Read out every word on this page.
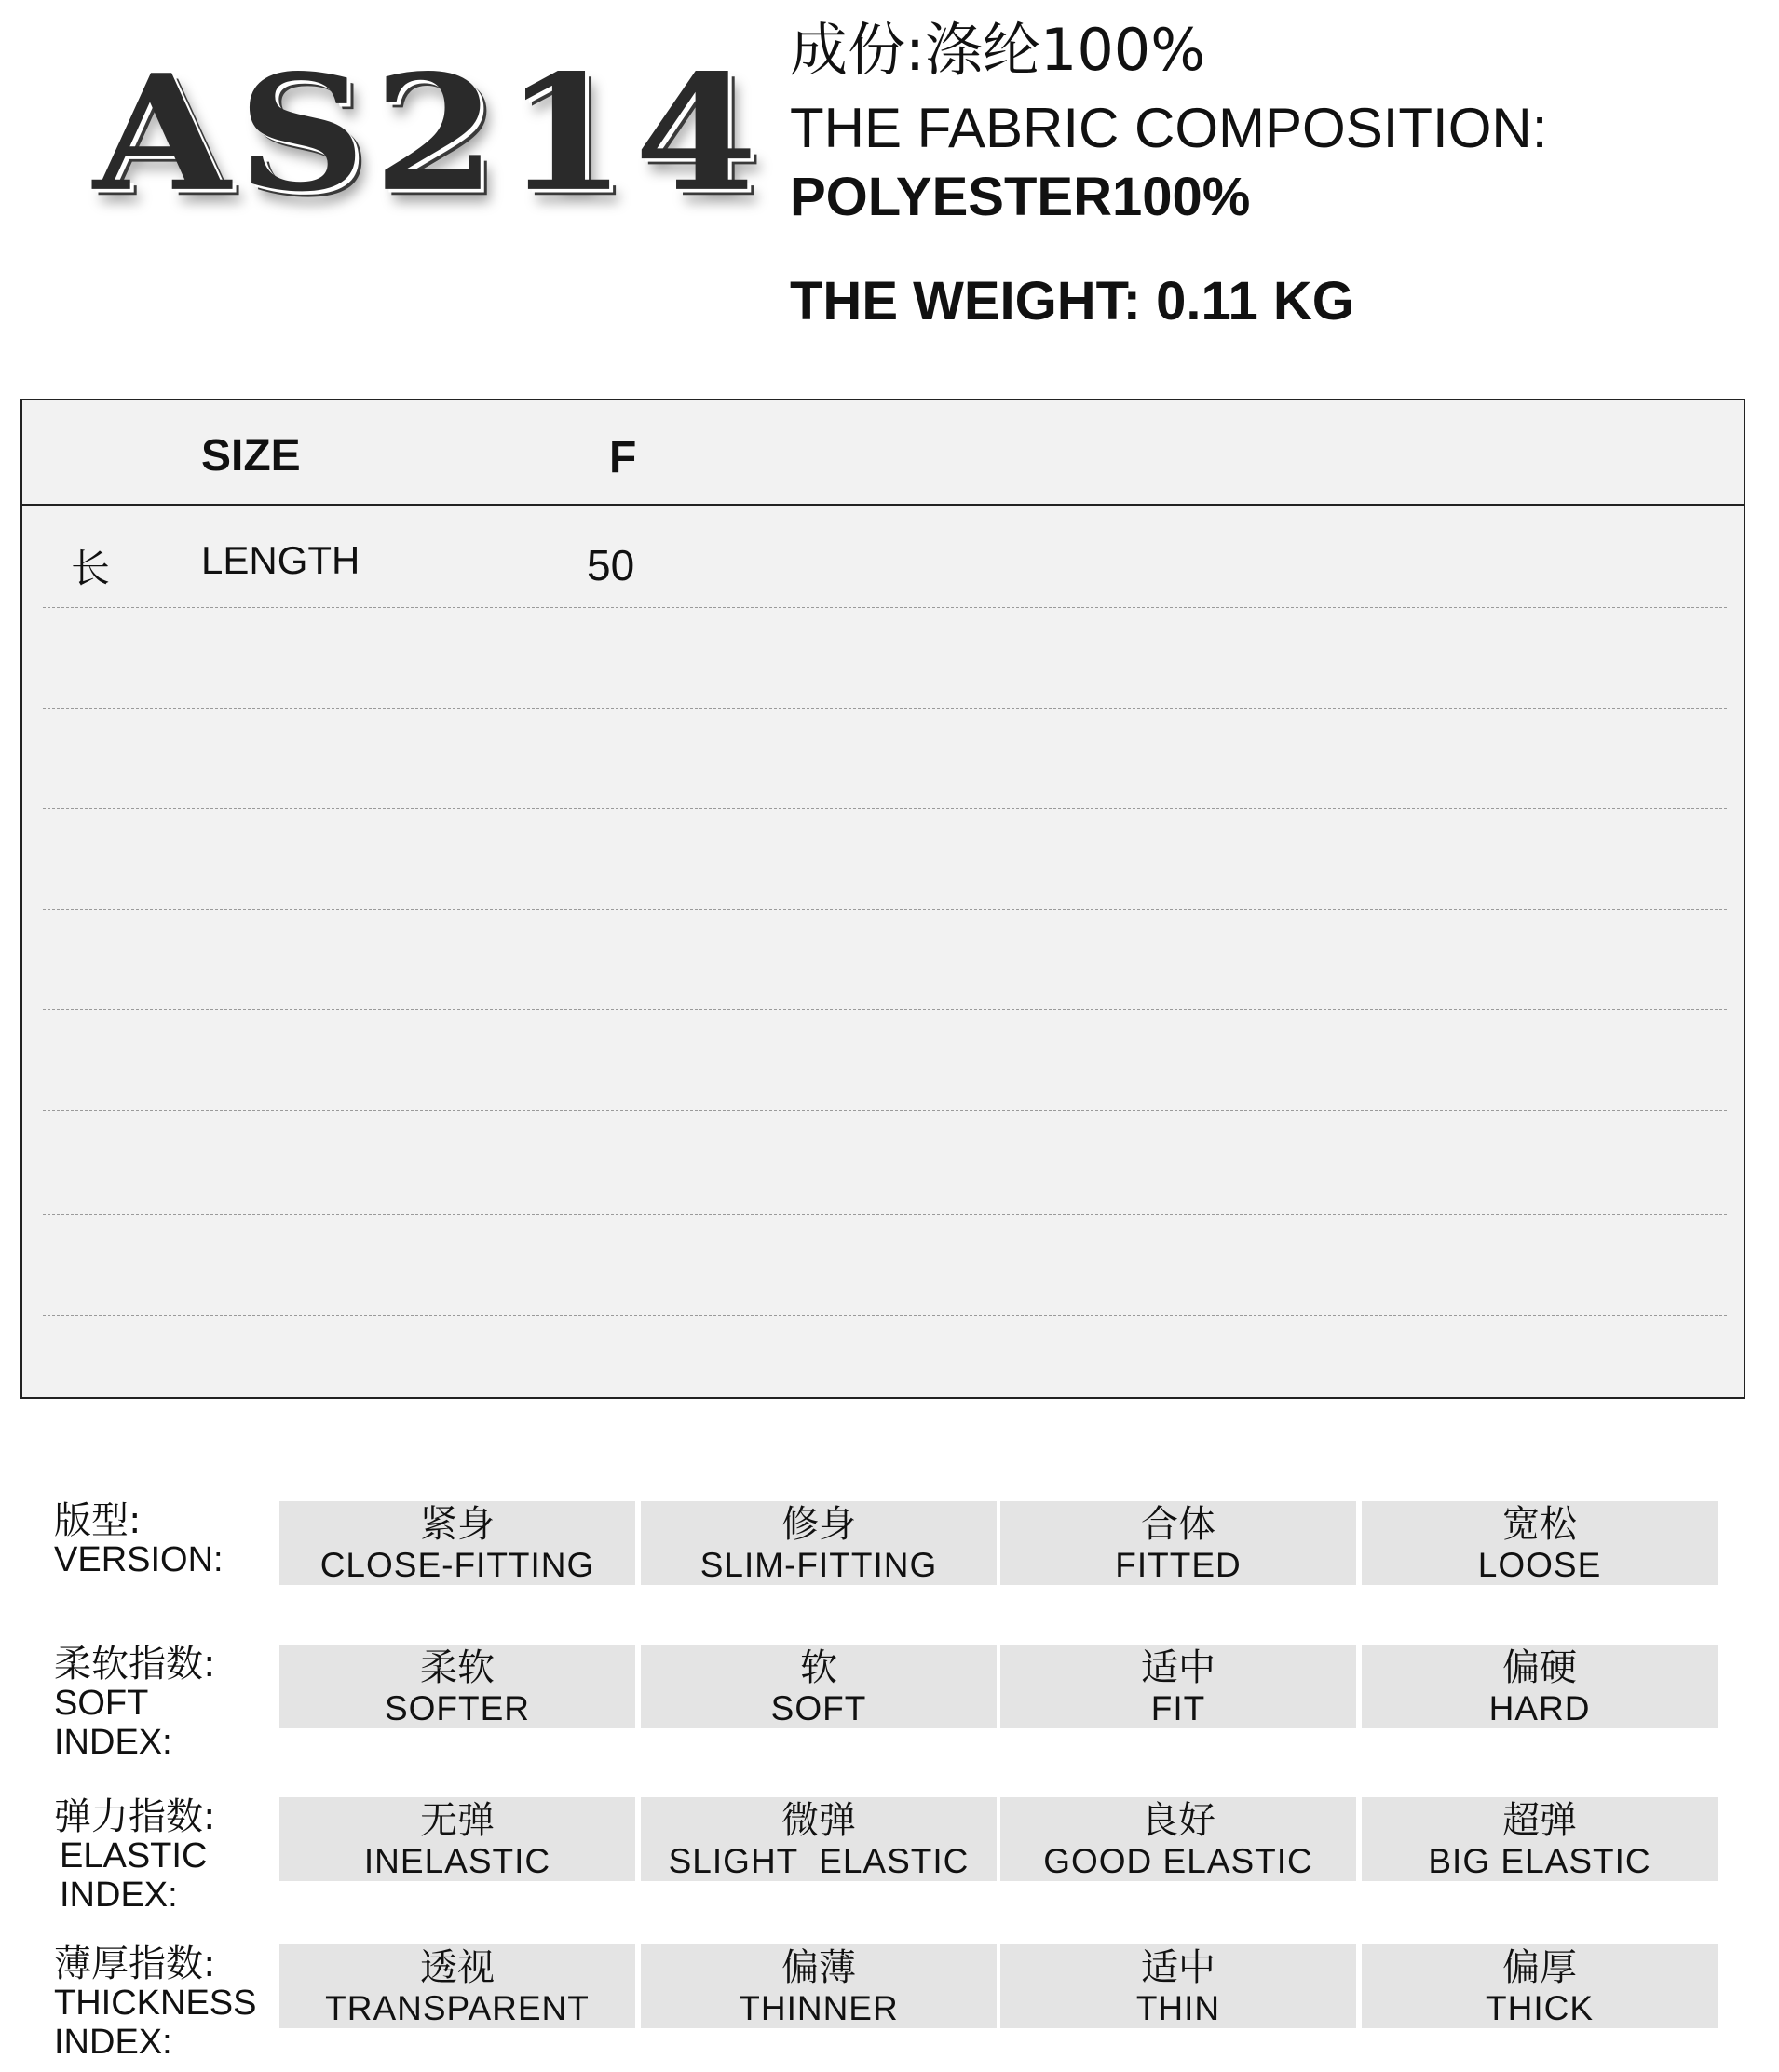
AS214 成份:涤纶100%
THE FABRIC COMPOSITION:
POLYESTER100%
THE WEIGHT: 0.11 KG
SIZE	F
长 LENGTH	50
版型:
VERSION:
紧身
CLOSE-FITTING
修身
SLIM-FITTING
合体
FITTED
宽松
LOOSE
柔软指数:
SOFT
INDEX:
柔软
SOFTER
软
SOFT
适中
FIT
偏硬
HARD
弹力指数:
ELASTIC
INDEX:
无弹
INELASTIC
微弹
SLIGHT  ELASTIC
良好
GOOD ELASTIC
超弹
BIG ELASTIC
薄厚指数:
THICKNESS
INDEX:
透视
TRANSPARENT
偏薄
THINNER
适中
THIN
偏厚
THICK
